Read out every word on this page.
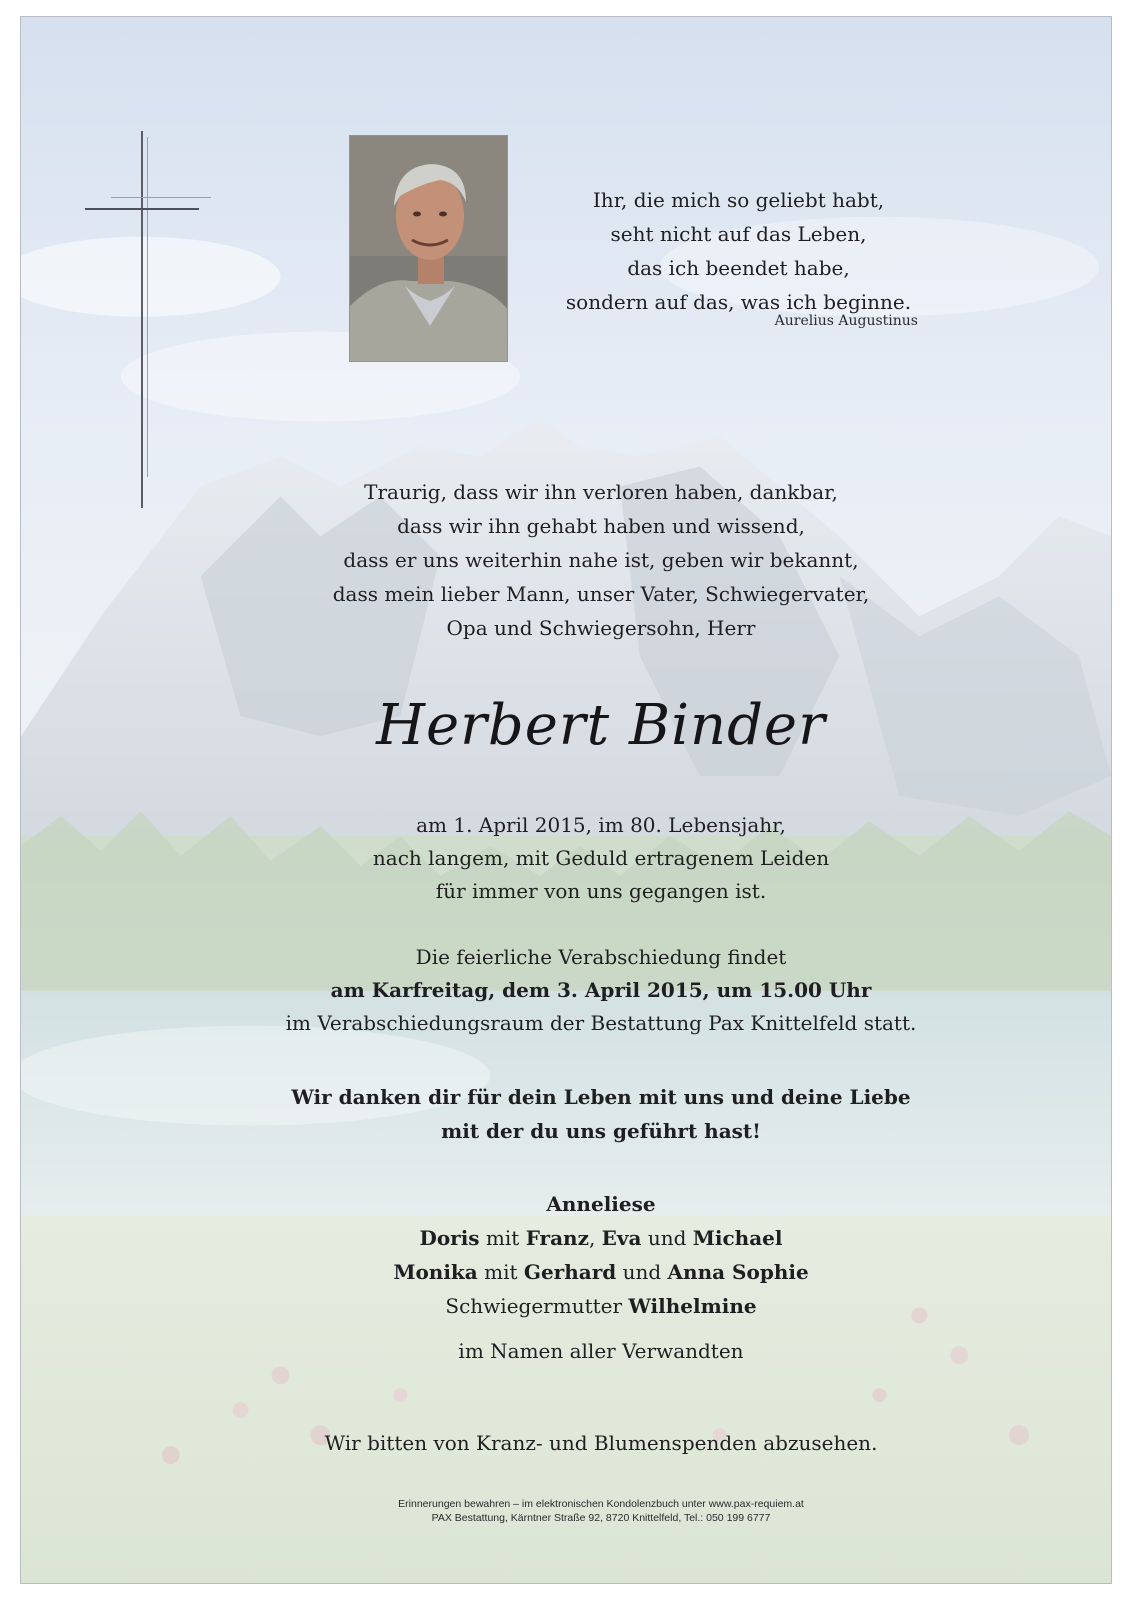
Ihr, die mich so geliebt habt,
seht nicht auf das Leben,
das ich beendet habe,
sondern auf das, was ich beginne.
Aurelius Augustinus
Traurig, dass wir ihn verloren haben, dankbar,
dass wir ihn gehabt haben und wissend,
dass er uns weiterhin nahe ist, geben wir bekannt,
dass mein lieber Mann, unser Vater, Schwiegervater,
Opa und Schwiegersohn, Herr
Herbert Binder
am 1. April 2015, im 80. Lebensjahr,
nach langem, mit Geduld ertragenem Leiden
für immer von uns gegangen ist.
Die feierliche Verabschiedung findet
am Karfreitag, dem 3. April 2015, um 15.00 Uhr
im Verabschiedungsraum der Bestattung Pax Knittelfeld statt.
Wir danken dir für dein Leben mit uns und deine Liebe
mit der du uns geführt hast!
Anneliese
Doris mit Franz, Eva und Michael
Monika mit Gerhard und Anna Sophie
Schwiegermutter Wilhelmine
im Namen aller Verwandten
Wir bitten von Kranz- und Blumenspenden abzusehen.
Erinnerungen bewahren – im elektronischen Kondolenzbuch unter www.pax-requiem.at
PAX Bestattung, Kärntner Straße 92, 8720 Knittelfeld, Tel.: 050 199 6777
